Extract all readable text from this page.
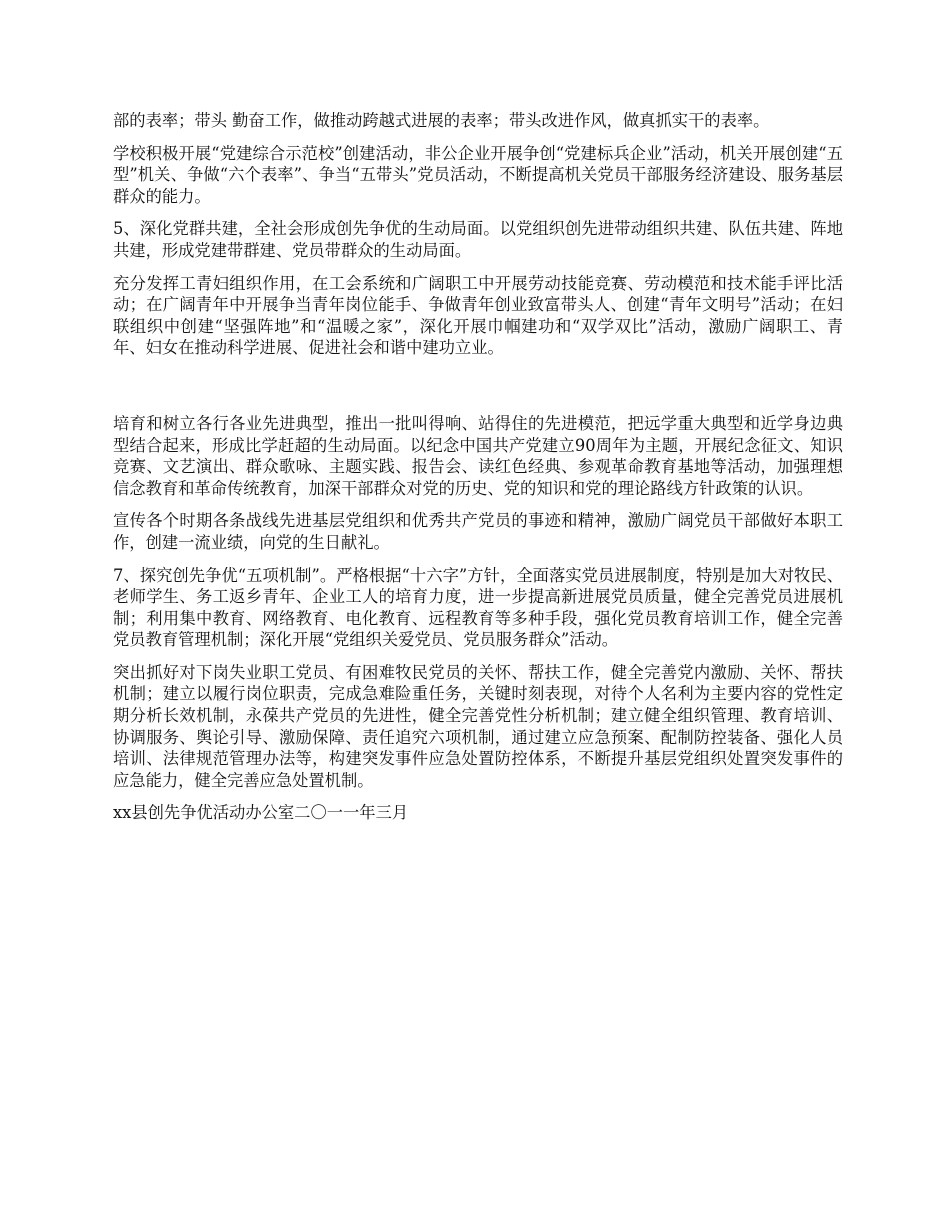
部的表率；带头 勤奋工作，做推动跨越式进展的表率；带头改进作风，做真抓实干的表率。

学校积极开展“党建综合示范校”创建活动，非公企业开展争创“党建标兵企业”活动，机关开展创建“五型”机关、争做“六个表率”、争当“五带头”党员活动，不断提高机关党员干部服务经济建设、服务基层群众的能力。

5、深化党群共建，全社会形成创先争优的生动局面。以党组织创先进带动组织共建、队伍共建、阵地共建，形成党建带群建、党员带群众的生动局面。

充分发挥工青妇组织作用，在工会系统和广阔职工中开展劳动技能竞赛、劳动模范和技术能手评比活动；在广阔青年中开展争当青年岗位能手、争做青年创业致富带头人、创建“青年文明号”活动；在妇联组织中创建“坚强阵地”和“温暖之家”，深化开展巾帼建功和“双学双比”活动，激励广阔职工、青年、妇女在推动科学进展、促进社会和谐中建功立业。

培育和树立各行各业先进典型，推出一批叫得响、站得住的先进模范，把远学重大典型和近学身边典型结合起来，形成比学赶超的生动局面。以纪念中国共产党建立90周年为主题，开展纪念征文、知识竞赛、文艺演出、群众歌咏、主题实践、报告会、读红色经典、参观革命教育基地等活动，加强理想信念教育和革命传统教育，加深干部群众对党的历史、党的知识和党的理论路线方针政策的认识。

宣传各个时期各条战线先进基层党组织和优秀共产党员的事迹和精神，激励广阔党员干部做好本职工作，创建一流业绩，向党的生日献礼。

7、探究创先争优“五项机制”。严格根据“十六字”方针，全面落实党员进展制度，特别是加大对牧民、老师学生、务工返乡青年、企业工人的培育力度，进一步提高新进展党员质量，健全完善党员进展机制；利用集中教育、网络教育、电化教育、远程教育等多种手段，强化党员教育培训工作，健全完善党员教育管理机制；深化开展“党组织关爱党员、党员服务群众”活动。

突出抓好对下岗失业职工党员、有困难牧民党员的关怀、帮扶工作，健全完善党内激励、关怀、帮扶机制；建立以履行岗位职责，完成急难险重任务，关键时刻表现，对待个人名利为主要内容的党性定期分析长效机制，永葆共产党员的先进性，健全完善党性分析机制；建立健全组织管理、教育培训、协调服务、舆论引导、激励保障、责任追究六项机制，通过建立应急预案、配制防控装备、强化人员培训、法律规范管理办法等，构建突发事件应急处置防控体系，不断提升基层党组织处置突发事件的应急能力，健全完善应急处置机制。

xx县创先争优活动办公室二〇一一年三月
